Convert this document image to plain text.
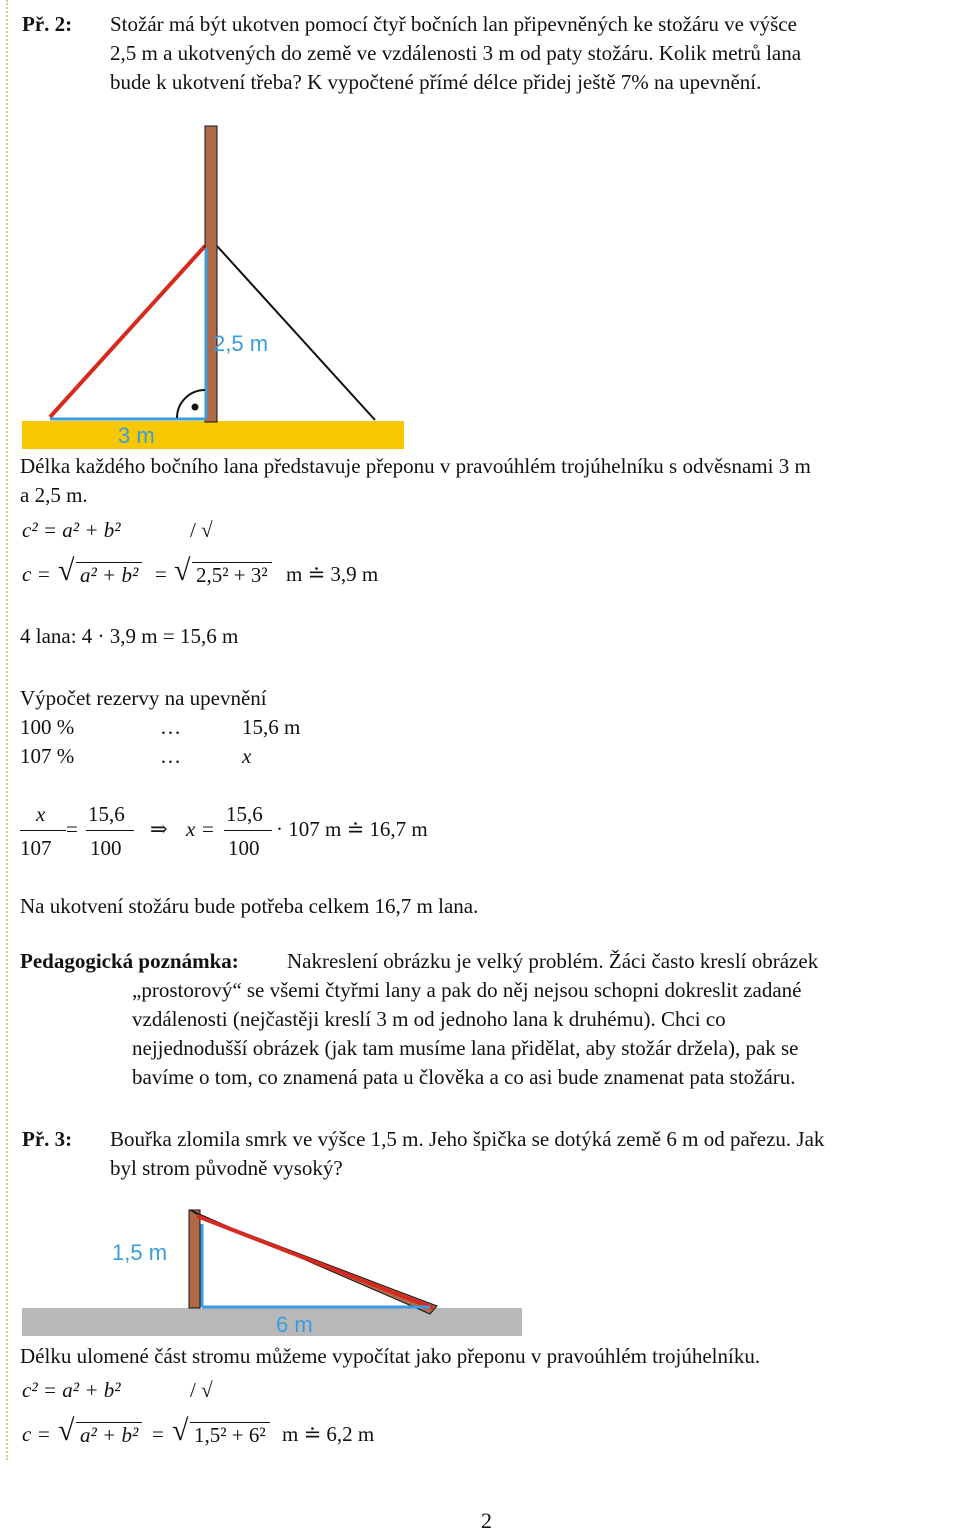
Př. 2: Stožár má být ukotven pomocí čtyř bočních lan připevněných ke stožáru ve výšce
2,5 m a ukotvených do země ve vzdálenosti 3 m od paty stožáru. Kolik metrů lana
bude k ukotvení třeba? K vypočtené přímé délce přidej ještě 7% na upevnění.
2,5 m
3 m
Délka každého bočního lana představuje přeponu v pravoúhlém trojúhelníku s odvěsnami 3 m
a 2,5 m.
c² = a² + b²	/ √
c = a² + b²
√	= 2,5² + 3²
√	m ≐ 3,9 m
4 lana: 4 · 3,9 m = 15,6 m
Výpočet rezervy na upevnění
100 %	…	15,6 m
107 %	…	x
x
107
=
15,6
100
⇒ x =
15,6
100
· 107 m ≐ 16,7 m
Na ukotvení stožáru bude potřeba celkem 16,7 m lana.
Pedagogická poznámka: Nakreslení obrázku je velký problém. Žáci často kreslí obrázek
„prostorový“ se všemi čtyřmi lany a pak do něj nejsou schopni dokreslit zadané
vzdálenosti (nejčastěji kreslí 3 m od jednoho lana k druhému). Chci co
nejjednodušší obrázek (jak tam musíme lana přidělat, aby stožár držela), pak se
bavíme o tom, co znamená pata u člověka a co asi bude znamenat pata stožáru.
Př. 3: Bouřka zlomila smrk ve výšce 1,5 m. Jeho špička se dotýká země 6 m od pařezu. Jak
byl strom původně vysoký?
1,5 m
6 m
Délku ulomené část stromu můžeme vypočítat jako přeponu v pravoúhlém trojúhelníku.
c² = a² + b²	/ √
c = a² + b²
√	= 1,5² + 6²
√	m ≐ 6,2 m
2
